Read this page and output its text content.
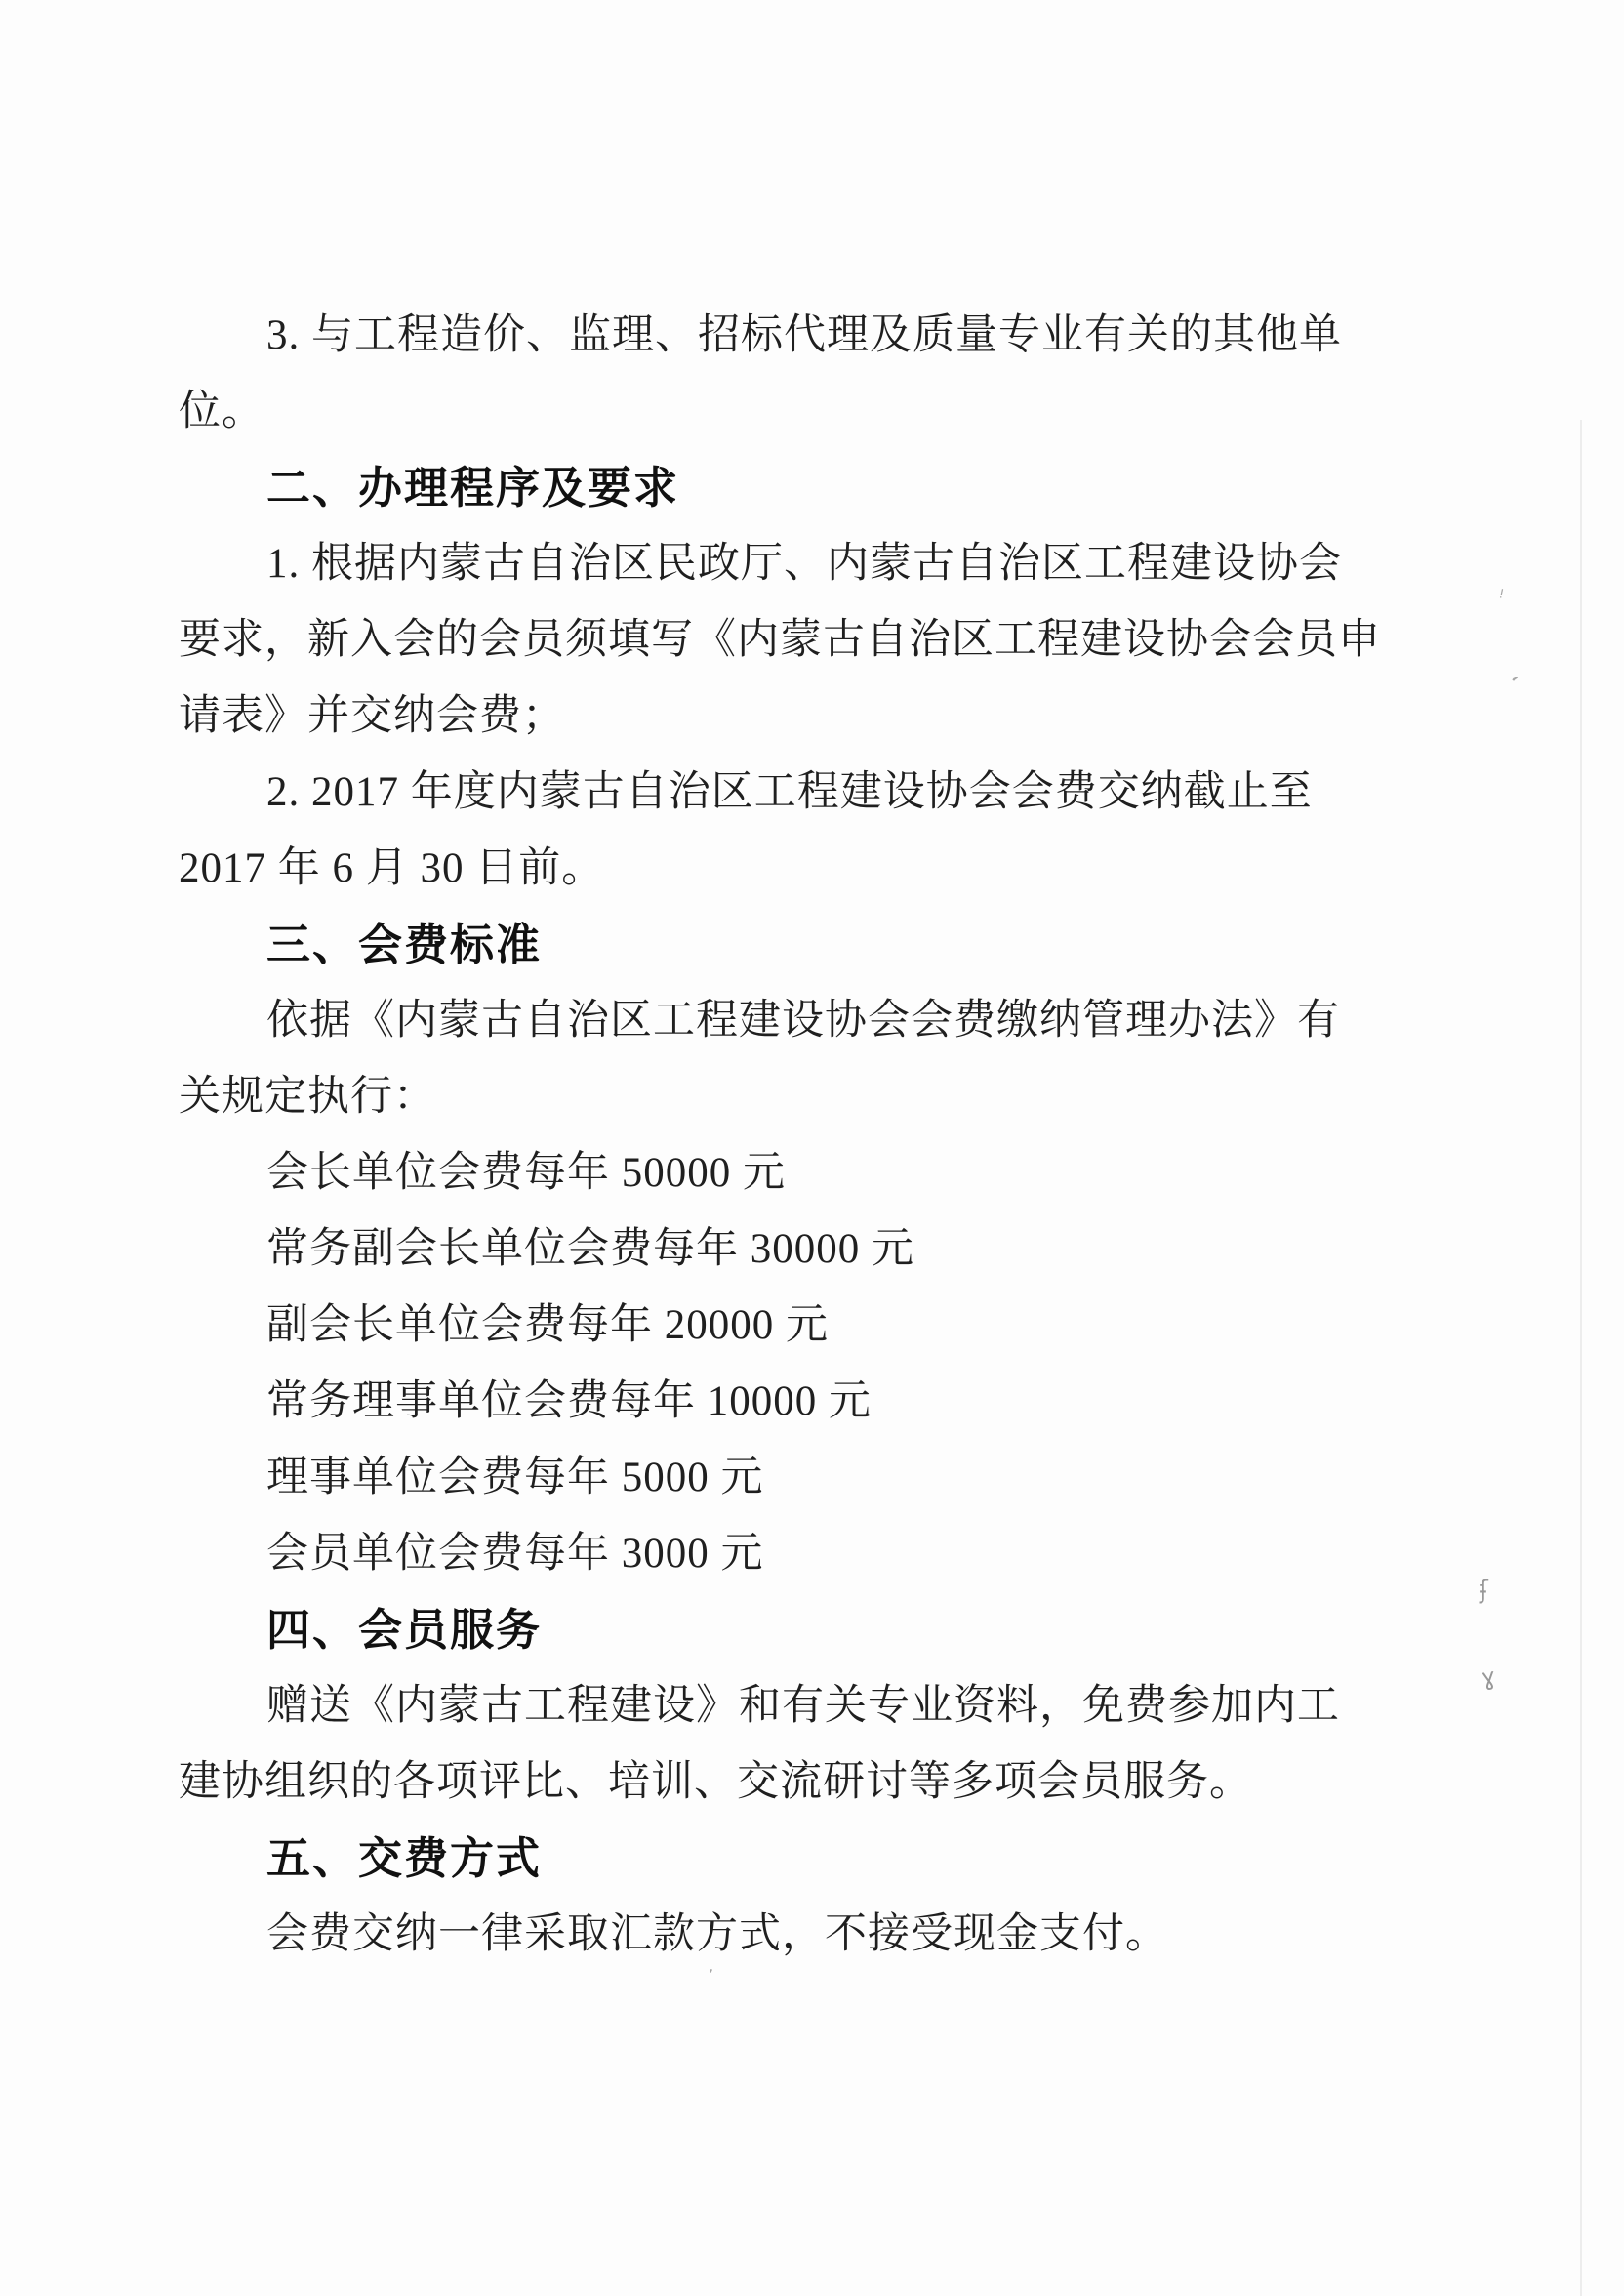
3. 与工程造价、监理、招标代理及质量专业有关的其他单
位。
二、办理程序及要求
1. 根据内蒙古自治区民政厅、内蒙古自治区工程建设协会
要求，新入会的会员须填写《内蒙古自治区工程建设协会会员申
请表》并交纳会费；
2. 2017 年度内蒙古自治区工程建设协会会费交纳截止至
2017 年 6 月 30 日前。
三、会费标准
依据《内蒙古自治区工程建设协会会费缴纳管理办法》有
关规定执行：
会长单位会费每年 50000 元
常务副会长单位会费每年 30000 元
副会长单位会费每年 20000 元
常务理事单位会费每年 10000 元
理事单位会费每年 5000 元
会员单位会费每年 3000 元
四、会员服务
赠送《内蒙古工程建设》和有关专业资料，免费参加内工
建协组织的各项评比、培训、交流研讨等多项会员服务。
五、交费方式
会费交纳一律采取汇款方式，不接受现金支付。
ᵎ
ʻ
ʄ
ɣ
ʼ
